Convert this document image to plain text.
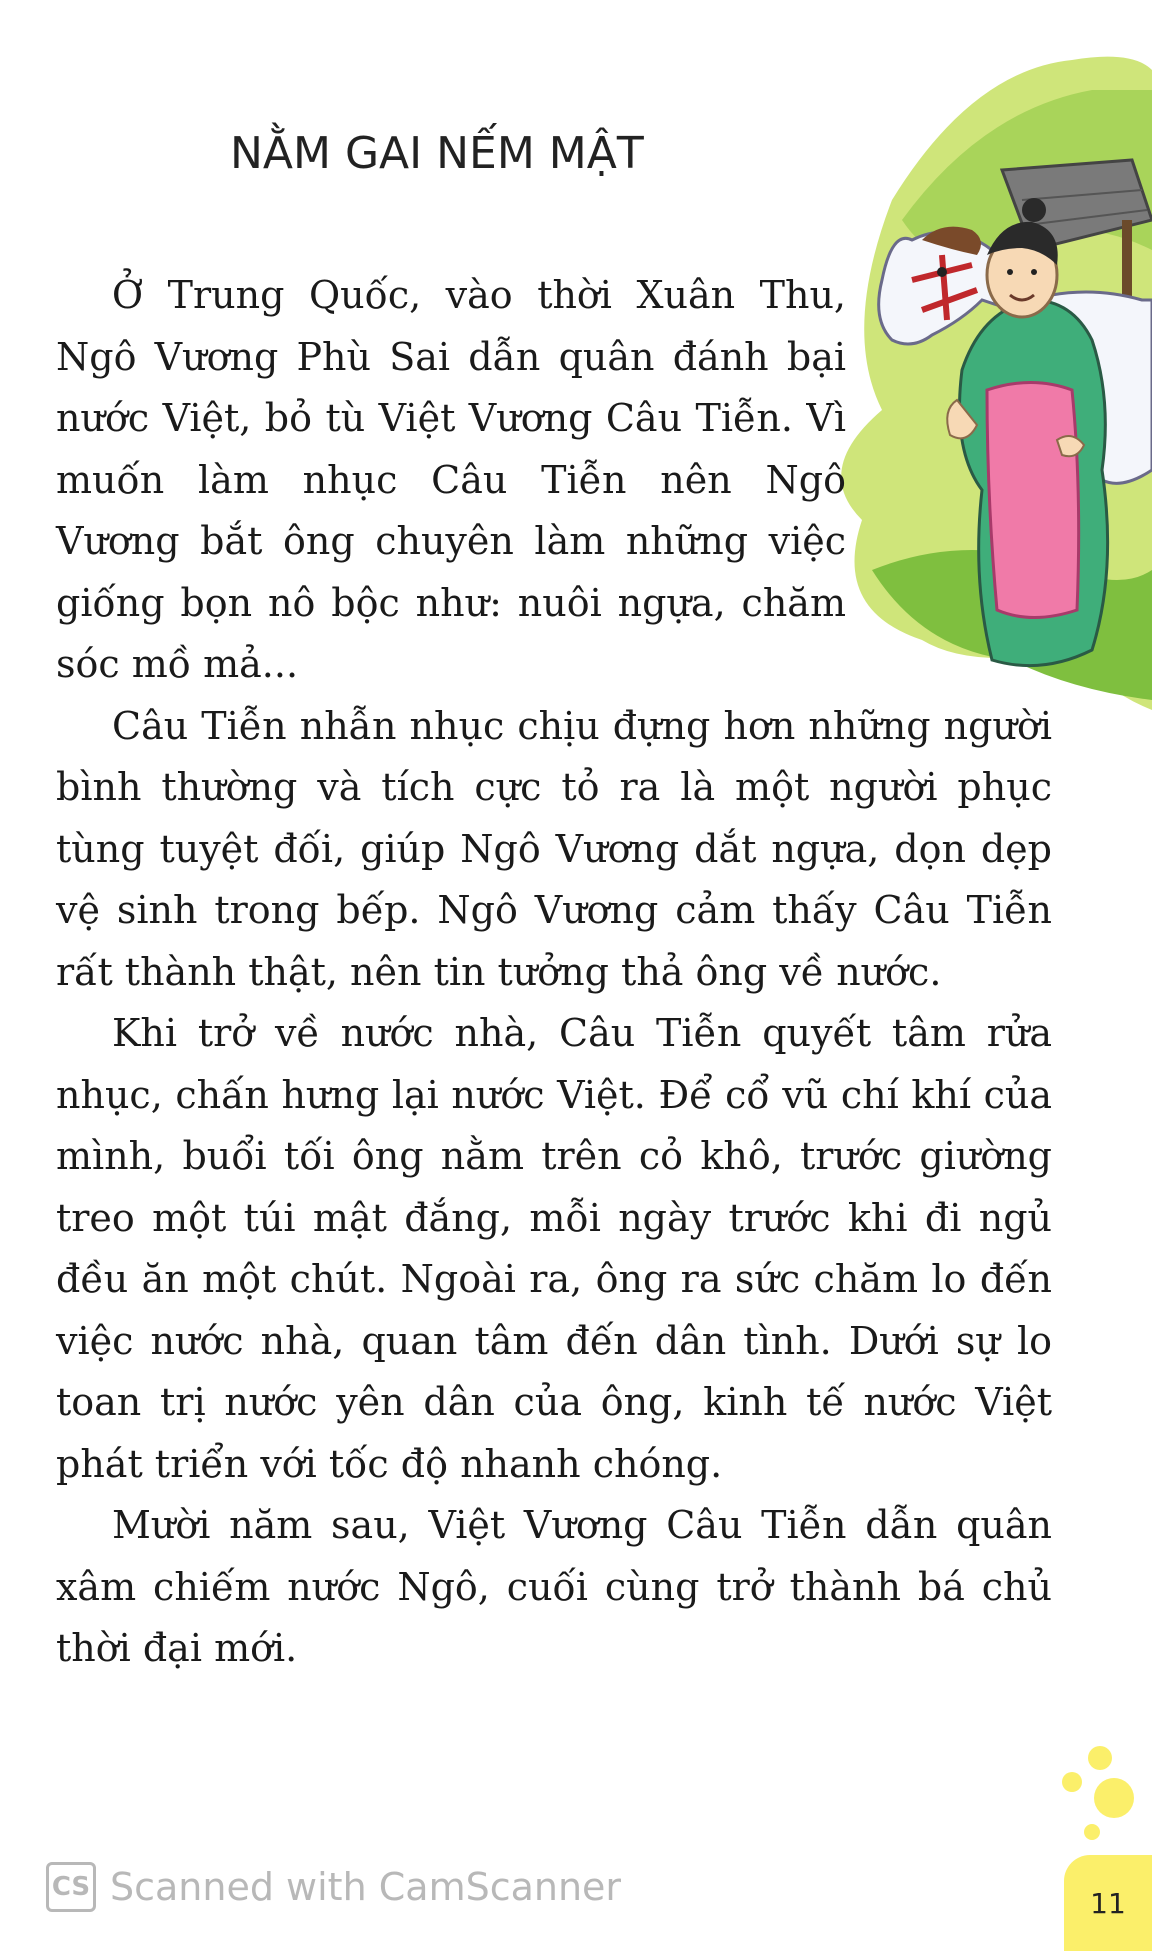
NẰM GAI NẾM MẬT

Ở Trung Quốc, vào thời Xuân Thu, Ngô Vương Phù Sai dẫn quân đánh bại nước Việt, bỏ tù Việt Vương Câu Tiễn. Vì muốn làm nhục Câu Tiễn nên Ngô Vương bắt ông chuyên làm những việc giống bọn nô bộc như: nuôi ngựa, chăm sóc mồ mả...

Câu Tiễn nhẫn nhục chịu đựng hơn những người bình thường và tích cực tỏ ra là một người phục tùng tuyệt đối, giúp Ngô Vương dắt ngựa, dọn dẹp vệ sinh trong bếp. Ngô Vương cảm thấy Câu Tiễn rất thành thật, nên tin tưởng thả ông về nước.

Khi trở về nước nhà, Câu Tiễn quyết tâm rửa nhục, chấn hưng lại nước Việt. Để cổ vũ chí khí của mình, buổi tối ông nằm trên cỏ khô, trước giường treo một túi mật đắng, mỗi ngày trước khi đi ngủ đều ăn một chút. Ngoài ra, ông ra sức chăm lo đến việc nước nhà, quan tâm đến dân tình. Dưới sự lo toan trị nước yên dân của ông, kinh tế nước Việt phát triển với tốc độ nhanh chóng.

Mười năm sau, Việt Vương Câu Tiễn dẫn quân xâm chiếm nước Ngô, cuối cùng trở thành bá chủ thời đại mới.

CS Scanned with CamScanner	11
